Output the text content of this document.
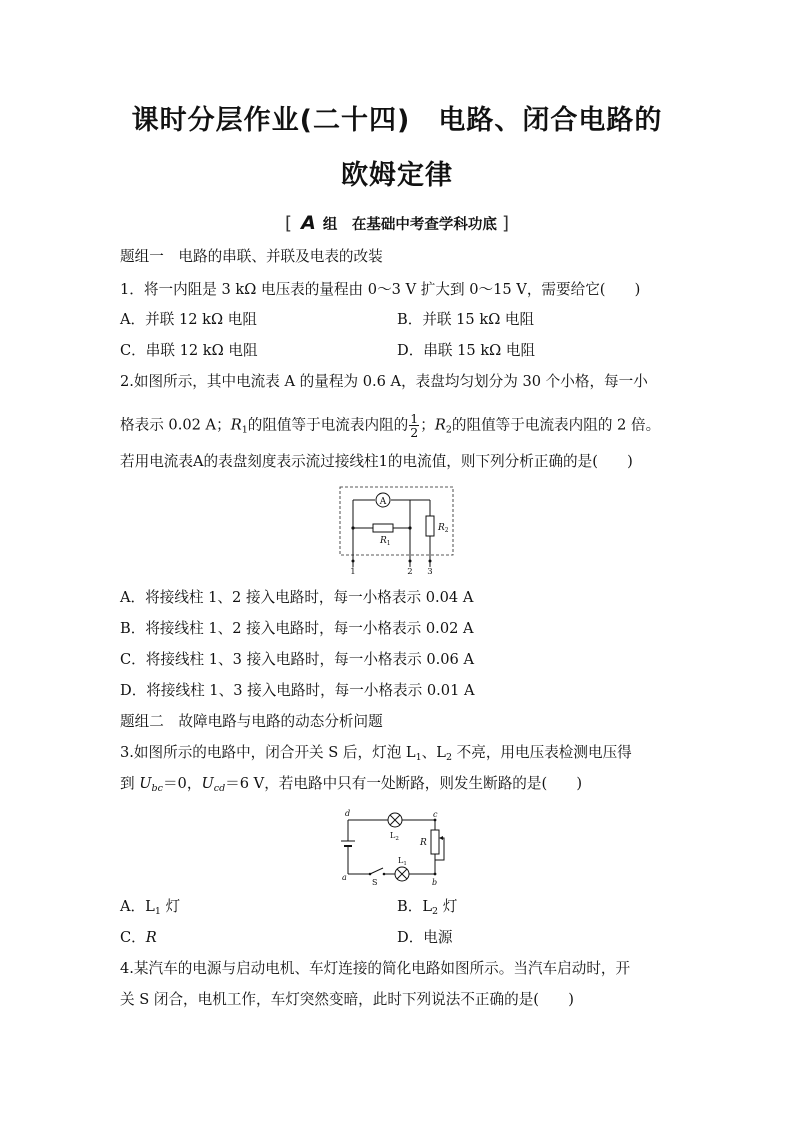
课时分层作业(二十四)　电路、闭合电路的
欧姆定律
[ A 组　在基础中考查学科功底 ]
题组一　电路的串联、并联及电表的改装
1．将一内阻是 3 kΩ 电压表的量程由 0～3 V 扩大到 0～15 V，需要给它(　　)
A．并联 12 kΩ 电阻	B．并联 15 kΩ 电阻
C．串联 12 kΩ 电阻	D．串联 15 kΩ 电阻
2.如图所示，其中电流表 A 的量程为 0.6 A，表盘均匀划分为 30 个小格，每一小
格表示 0.02 A；$R_1$的阻值等于电流表内阻的 $\frac{1}{2}$ ；$R_2$的阻值等于电流表内阻的 2 倍。
若用电流表A的表盘刻度表示流过接线柱1的电流值，则下列分析正确的是(　　)
A
$R_1$
$R_2$
1	2 3
A．将接线柱 1、2 接入电路时，每一小格表示 0.04 A
B．将接线柱 1、2 接入电路时，每一小格表示 0.02 A
C．将接线柱 1、3 接入电路时，每一小格表示 0.06 A
D．将接线柱 1、3 接入电路时，每一小格表示 0.01 A
题组二　故障电路与电路的动态分析问题
3.如图所示的电路中，闭合开关 S 后，灯泡 $L_1$、$L_2$ 不亮，用电压表检测电压得
到 $U_{bc}=0$，$U_{cd}=6$ V，若电路中只有一处断路，则发生断路的是(　　)
$L_2$ R
$L_1$
S
d	c
a
b
A．$L_1$ 灯	B．$L_2$ 灯
C．R	D．电源
4.某汽车的电源与启动电机、车灯连接的简化电路如图所示。当汽车启动时，开
关 S 闭合，电机工作，车灯突然变暗，此时下列说法不正确的是(　　)
